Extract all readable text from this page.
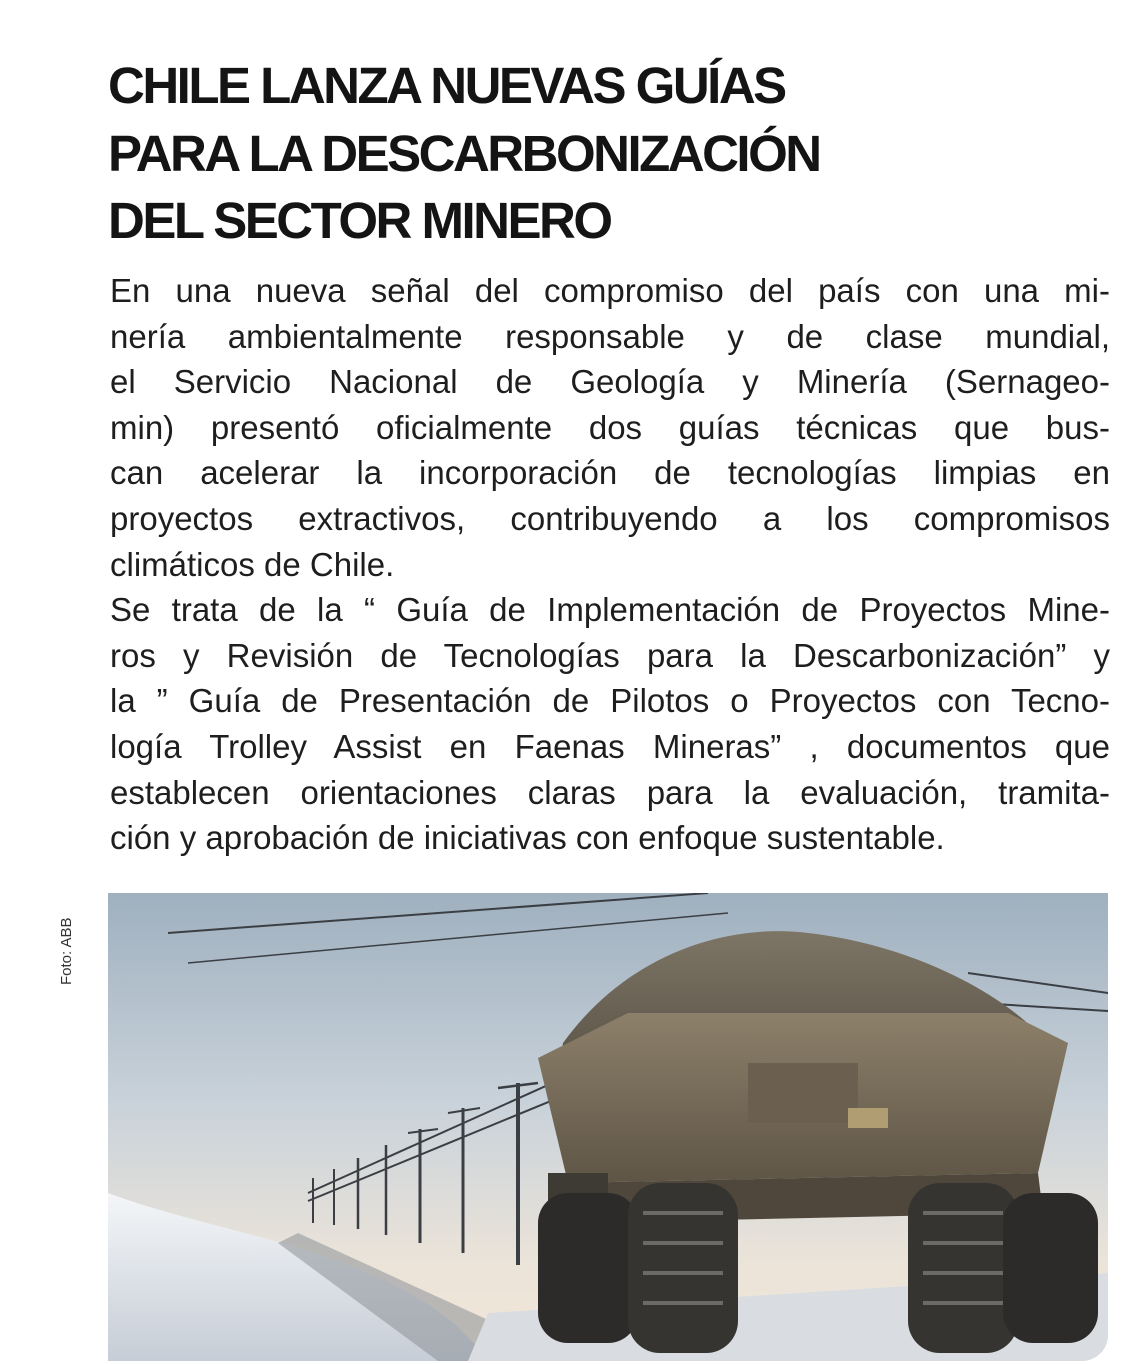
CHILE LANZA NUEVAS GUÍAS
PARA LA DESCARBONIZACIÓN
DEL SECTOR MINERO
En una nueva señal del compromiso del país con una mi-
nería ambientalmente responsable y de clase mundial,
el Servicio Nacional de Geología y Minería (Sernageo-
min) presentó oficialmente dos guías técnicas que bus-
can acelerar la incorporación de tecnologías limpias en
proyectos extractivos, contribuyendo a los compromisos
climáticos de Chile.
Se trata de la “ Guía de Implementación de Proyectos Mine-
ros y Revisión de Tecnologías para la Descarbonización” y
la ” Guía de Presentación de Pilotos o Proyectos con Tecno-
logía Trolley Assist en Faenas Mineras” , documentos que
establecen orientaciones claras para la evaluación, tramita-
ción y aprobación de iniciativas con enfoque sustentable.
Foto: ABB
